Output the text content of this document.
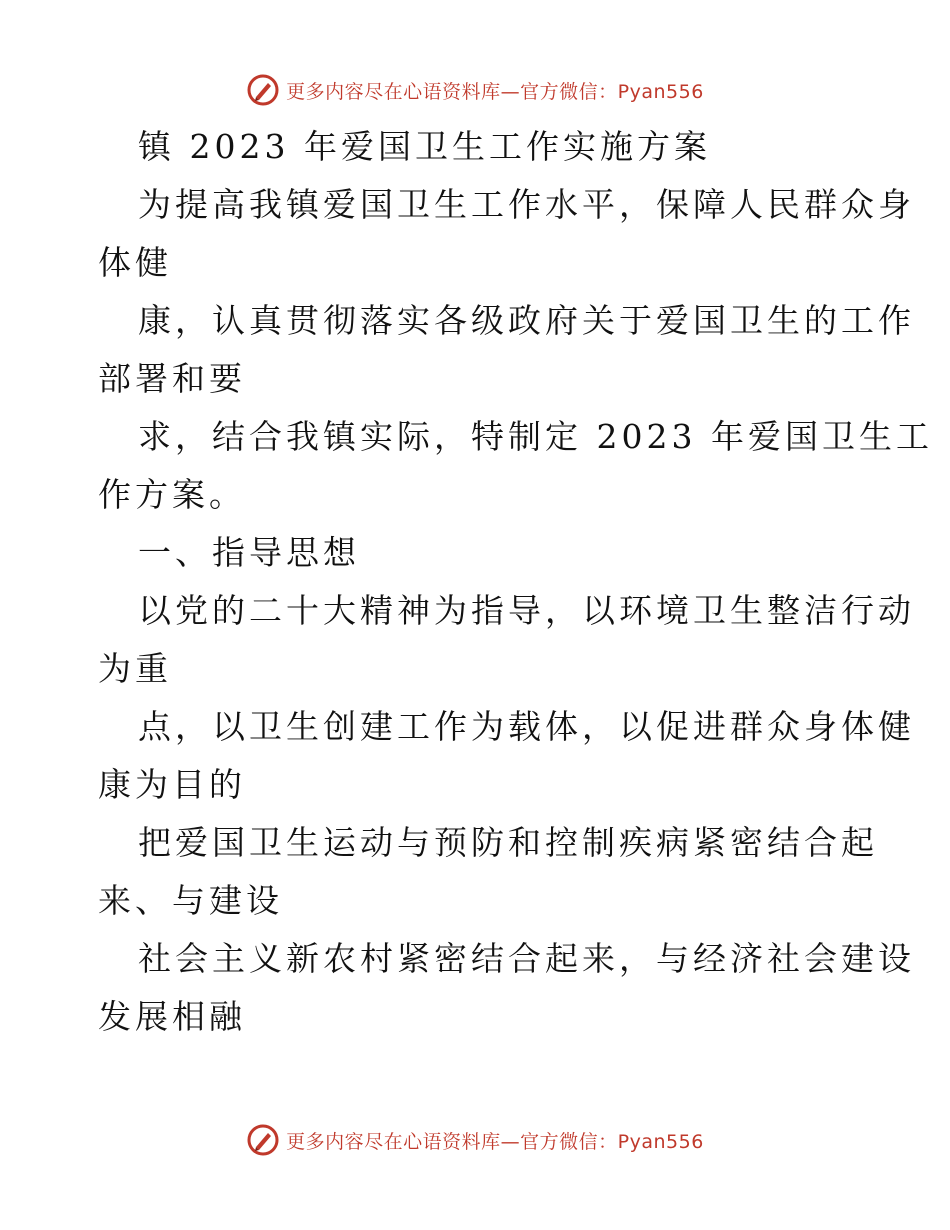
更多内容尽在心语资料库—官方微信：Pyan556
镇 2023 年爱国卫生工作实施方案
为提高我镇爱国卫生工作水平，保障人民群众身
体健
康，认真贯彻落实各级政府关于爱国卫生的工作
部署和要
求，结合我镇实际，特制定 2023 年爱国卫生工
作方案。
一、指导思想
以党的二十大精神为指导，以环境卫生整洁行动
为重
点，以卫生创建工作为载体，以促进群众身体健
康为目的
把爱国卫生运动与预防和控制疾病紧密结合起
来、与建设
社会主义新农村紧密结合起来，与经济社会建设
发展相融
更多内容尽在心语资料库—官方微信：Pyan556
